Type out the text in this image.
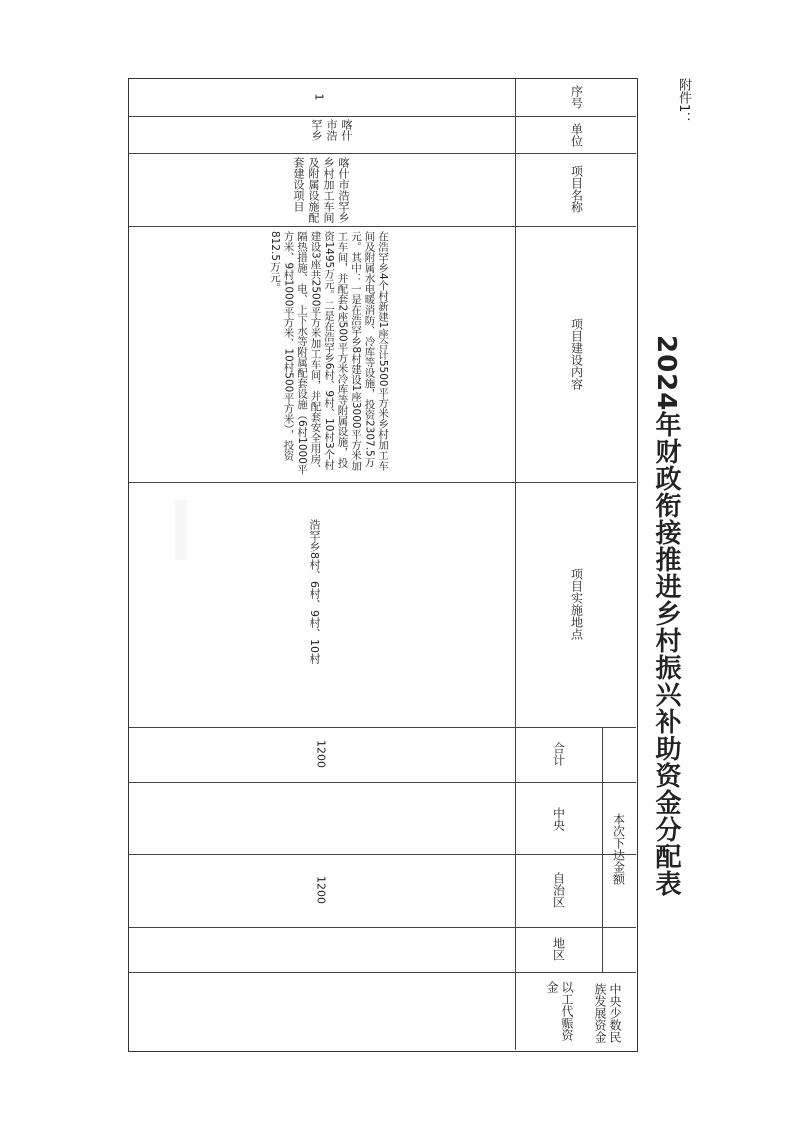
附件1：
2024年财政衔接推进乡村振兴补助资金分配表
序号
单位
项目名称
项目建设内容
项目实施地点
本次下达金额
合计
中央
自治区
地区
以工代赈资金	中央少数民族发展资金
1
喀什市浩罕乡
喀什市浩罕乡乡村加工车间及附属设施配套建设项目
在浩罕乡4个村新建1座合计5500平方米乡村加工车间及附属水电暖消防、冷库等设施，投资2307.5万元。其中：一是在浩罕乡8村建设1座3000平方米加工车间，并配套2座500平方米冷库等附属设施，投资1495万元。二是在浩罕乡6村、9村、10村3个村建设3座共2500平方米加工车间，并配套安全用房、隔热措施、电、上下水等附属配套设施（6村1000平方米、9村1000平方米、10村500平方米），投资812.5万元。
浩罕乡8村、6村、9村、10村
1200
1200
